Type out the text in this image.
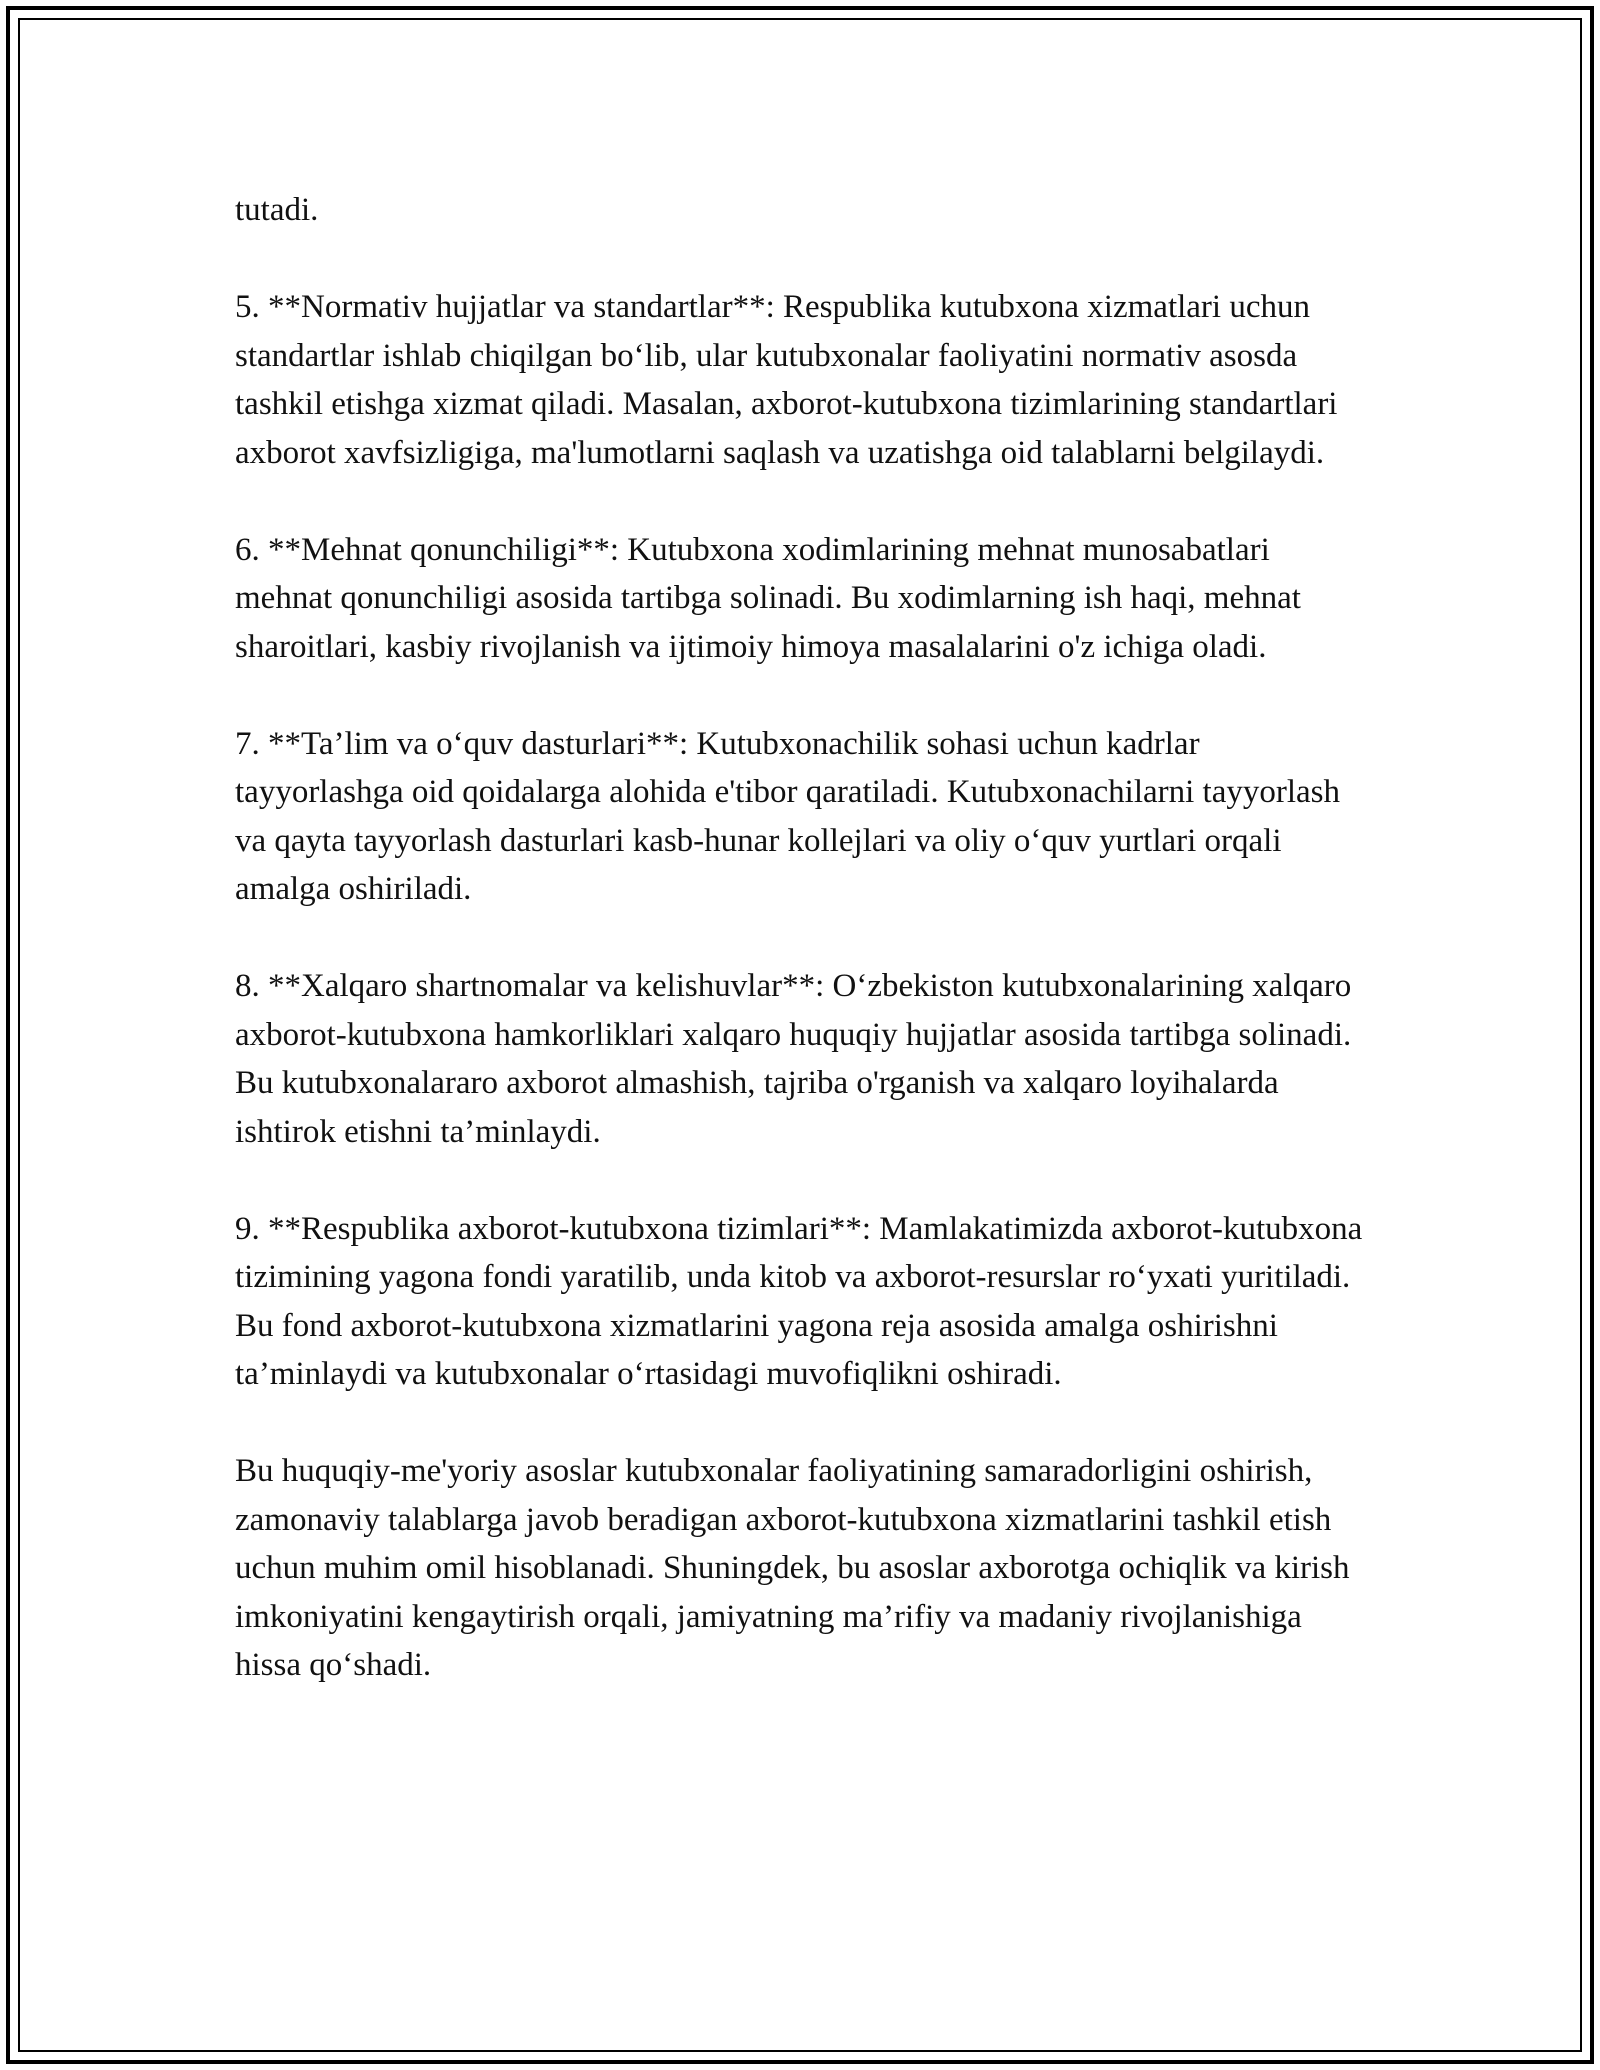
tutadi.

5. **Normativ hujjatlar va standartlar**: Respublika kutubxona xizmatlari uchun standartlar ishlab chiqilgan bo‘lib, ular kutubxonalar faoliyatini normativ asosda tashkil etishga xizmat qiladi. Masalan, axborot-kutubxona tizimlarining standartlari axborot xavfsizligiga, ma'lumotlarni saqlash va uzatishga oid talablarni belgilaydi.

6. **Mehnat qonunchiligi**: Kutubxona xodimlarining mehnat munosabatlari mehnat qonunchiligi asosida tartibga solinadi. Bu xodimlarning ish haqi, mehnat sharoitlari, kasbiy rivojlanish va ijtimoiy himoya masalalarini o'z ichiga oladi.

7. **Ta’lim va o‘quv dasturlari**: Kutubxonachilik sohasi uchun kadrlar tayyorlashga oid qoidalarga alohida e'tibor qaratiladi. Kutubxonachilarni tayyorlash va qayta tayyorlash dasturlari kasb-hunar kollejlari va oliy o‘quv yurtlari orqali amalga oshiriladi.

8. **Xalqaro shartnomalar va kelishuvlar**: O‘zbekiston kutubxonalarining xalqaro axborot-kutubxona hamkorliklari xalqaro huquqiy hujjatlar asosida tartibga solinadi. Bu kutubxonalararo axborot almashish, tajriba o'rganish va xalqaro loyihalarda ishtirok etishni ta’minlaydi.

9. **Respublika axborot-kutubxona tizimlari**: Mamlakatimizda axborot-kutubxona tizimining yagona fondi yaratilib, unda kitob va axborot-resurslar ro‘yxati yuritiladi. Bu fond axborot-kutubxona xizmatlarini yagona reja asosida amalga oshirishni ta’minlaydi va kutubxonalar o‘rtasidagi muvofiqlikni oshiradi.

Bu huquqiy-me'yoriy asoslar kutubxonalar faoliyatining samaradorligini oshirish, zamonaviy talablarga javob beradigan axborot-kutubxona xizmatlarini tashkil etish uchun muhim omil hisoblanadi. Shuningdek, bu asoslar axborotga ochiqlik va kirish imkoniyatini kengaytirish orqali, jamiyatning ma’rifiy va madaniy rivojlanishiga hissa qo‘shadi.
